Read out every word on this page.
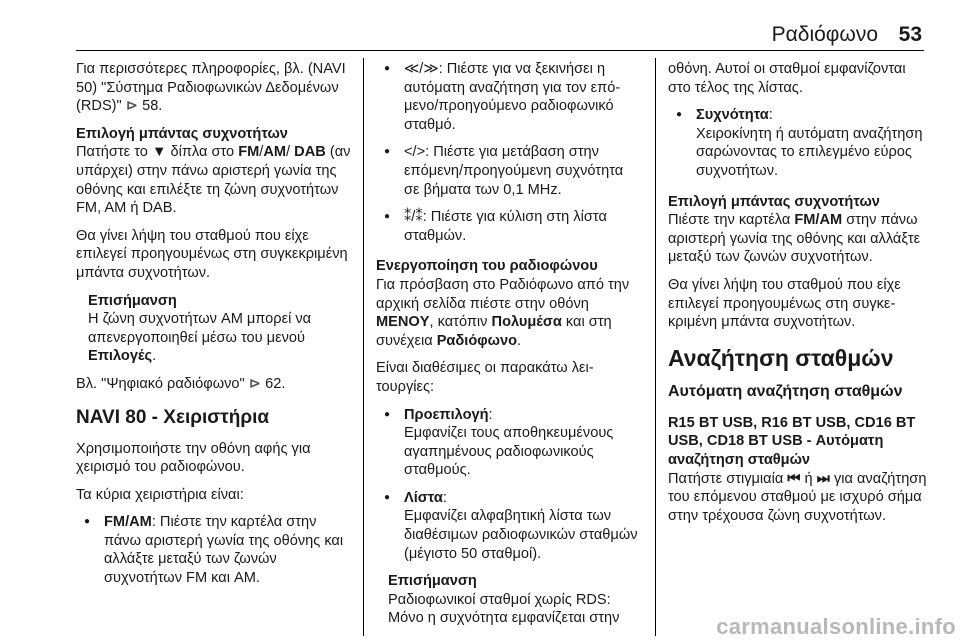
Ραδιόφωνο 53

Για περισσότερες πληροφορίες, βλ. (NAVI 50) "Σύστημα Ραδιοφωνικών Δεδομένων (RDS)" ⊳ 58.

Επιλογή μπάντας συχνοτήτων

Πατήστε το ▼ δίπλα στο FM/AM/ DAB (αν υπάρχει) στην πάνω αριστερή γωνία της οθόνης και επιλέξτε τη ζώνη συχνοτήτων FM, AM ή DAB.

Θα γίνει λήψη του σταθμού που είχε επιλεγεί προηγουμένως στη συγκεκριμένη μπάντα συχνοτήτων.

Επισήμανση
Η ζώνη συχνοτήτων AM μπορεί να απενεργοποιηθεί μέσω του μενού Επιλογές.

Βλ. "Ψηφιακό ραδιόφωνο" ⊳ 62.

NAVI 80 - Χειριστήρια

Χρησιμοποιήστε την οθόνη αφής για χειρισμό του ραδιοφώνου.

Τα κύρια χειριστήρια είναι:

● FM/AM: Πιέστε την καρτέλα στην πάνω αριστερή γωνία της οθόνης και αλλάξτε μεταξύ των ζωνών συχνοτήτων FM και AM.
● ≪/≫: Πιέστε για να ξεκινήσει η αυτόματη αναζήτηση για τον επόμενο/προηγούμενο ραδιοφωνικό σταθμό.
● </>: Πιέστε για μετάβαση στην επόμενη/προηγούμενη συχνότητα σε βήματα των 0,1 MHz.
● ⁑/⁑: Πιέστε για κύλιση στη λίστα σταθμών.

Ενεργοποίηση του ραδιοφώνου

Για πρόσβαση στο Ραδιόφωνο από την αρχική σελίδα πιέστε στην οθόνη MENOY, κατόπιν Πολυμέσα και στη συνέχεια Ραδιόφωνο.

Είναι διαθέσιμες οι παρακάτω λειτουργίες:

● Προεπιλογή:
Εμφανίζει τους αποθηκευμένους αγαπημένους ραδιοφωνικούς σταθμούς.
● Λίστα:
Εμφανίζει αλφαβητική λίστα των διαθέσιμων ραδιοφωνικών σταθμών (μέγιστο 50 σταθμοί).
Επισήμανση
Ραδιοφωνικοί σταθμοί χωρίς RDS: Μόνο η συχνότητα εμφανίζεται στην

οθόνη. Αυτοί οι σταθμοί εμφανίζονται στο τέλος της λίστας.

● Συχνότητα:
Χειροκίνητη ή αυτόματη αναζήτηση σαρώνοντας το επιλεγμένο εύρος συχνοτήτων.

Επιλογή μπάντας συχνοτήτων

Πιέστε την καρτέλα FM/AM στην πάνω αριστερή γωνία της οθόνης και αλλάξτε μεταξύ των ζωνών συχνοτήτων.

Θα γίνει λήψη του σταθμού που είχε επιλεγεί προηγουμένως στη συγκεκριμένη μπάντα συχνοτήτων.

Αναζήτηση σταθμών

Αυτόματη αναζήτηση σταθμών

R15 BT USB, R16 BT USB, CD16 BT USB, CD18 BT USB - Αυτόματη αναζήτηση σταθμών

Πατήστε στιγμιαία ⏮ ή ⏭ για αναζήτηση του επόμενου σταθμού με ισχυρό σήμα στην τρέχουσα ζώνη συχνοτήτων.

carmanualsonline.info
